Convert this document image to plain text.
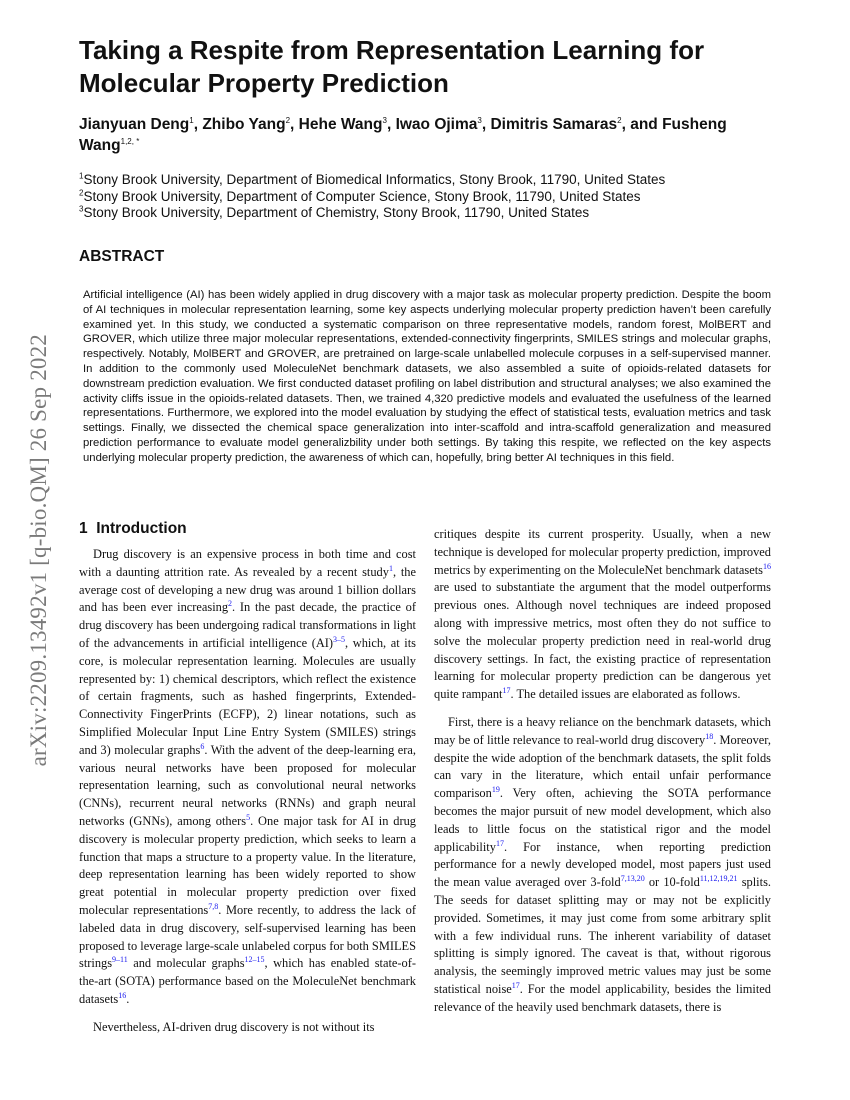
arXiv:2209.13492v1 [q-bio.QM] 26 Sep 2022
Taking a Respite from Representation Learning for Molecular Property Prediction
Jianyuan Deng$^1$, Zhibo Yang$^2$, Hehe Wang$^3$, Iwao Ojima$^3$, Dimitris Samaras$^2$, and Fusheng Wang$^{1,2, *}$
$^1$Stony Brook University, Department of Biomedical Informatics, Stony Brook, 11790, United States
$^2$Stony Brook University, Department of Computer Science, Stony Brook, 11790, United States
$^3$Stony Brook University, Department of Chemistry, Stony Brook, 11790, United States
ABSTRACT

Artificial intelligence (AI) has been widely applied in drug discovery with a major task as molecular property prediction. Despite the boom of AI techniques in molecular representation learning, some key aspects underlying molecular property prediction haven’t been carefully examined yet. In this study, we conducted a systematic comparison on three representative models, random forest, MolBERT and GROVER, which utilize three major molecular representations, extended-connectivity fingerprints, SMILES strings and molecular graphs, respectively. Notably, MolBERT and GROVER, are pretrained on large-scale unlabelled molecule corpuses in a self-supervised manner. In addition to the commonly used MoleculeNet benchmark datasets, we also assembled a suite of opioids-related datasets for downstream prediction evaluation. We first conducted dataset profiling on label distribution and structural analyses; we also examined the activity cliffs issue in the opioids-related datasets. Then, we trained 4,320 predictive models and evaluated the usefulness of the learned representations. Furthermore, we explored into the model evaluation by studying the effect of statistical tests, evaluation metrics and task settings. Finally, we dissected the chemical space generalization into inter-scaffold and intra-scaffold generalization and measured prediction performance to evaluate model generalizbility under both settings. By taking this respite, we reflected on the key aspects underlying molecular property prediction, the awareness of which can, hopefully, bring better AI techniques in this field.

1 Introduction

Drug discovery is an expensive process in both time and cost with a daunting attrition rate. As revealed by a recent study$^1$, the average cost of developing a new drug was around 1 billion dollars and has been ever increasing$^2$. In the past decade, the practice of drug discovery has been undergoing radical transformations in light of the advancements in artificial intelligence (AI)$^{3-5}$, which, at its core, is molecular representation learning. Molecules are usually represented by: 1) chemical descriptors, which reflect the existence of certain fragments, such as hashed fingerprints, Extended-Connectivity FingerPrints (ECFP), 2) linear notations, such as Simplified Molecular Input Line Entry System (SMILES) strings and 3) molecular graphs$^6$. With the advent of the deep-learning era, various neural networks have been proposed for molecular representation learning, such as convolutional neural networks (CNNs), recurrent neural networks (RNNs) and graph neural networks (GNNs), among others$^5$. One major task for AI in drug discovery is molecular property prediction, which seeks to learn a function that maps a structure to a property value. In the literature, deep representation learning has been widely reported to show great potential in molecular property prediction over fixed molecular representations$^{7,8}$. More recently, to address the lack of labeled data in drug discovery, self-supervised learning has been proposed to leverage large-scale unlabeled corpus for both SMILES strings$^{9-11}$ and molecular graphs$^{12-15}$, which has enabled state-of-the-art (SOTA) performance based on the MoleculeNet benchmark datasets$^{16}$.

Nevertheless, AI-driven drug discovery is not without its

critiques despite its current prosperity. Usually, when a new technique is developed for molecular property prediction, improved metrics by experimenting on the MoleculeNet benchmark datasets$^{16}$ are used to substantiate the argument that the model outperforms previous ones. Although novel techniques are indeed proposed along with impressive metrics, most often they do not suffice to solve the molecular property prediction need in real-world drug discovery settings. In fact, the existing practice of representation learning for molecular property prediction can be dangerous yet quite rampant$^{17}$. The detailed issues are elaborated as follows.

First, there is a heavy reliance on the benchmark datasets, which may be of little relevance to real-world drug discovery$^{18}$. Moreover, despite the wide adoption of the benchmark datasets, the split folds can vary in the literature, which entail unfair performance comparison$^{19}$. Very often, achieving the SOTA performance becomes the major pursuit of new model development, which also leads to little focus on the statistical rigor and the model applicability$^{17}$. For instance, when reporting prediction performance for a newly developed model, most papers just used the mean value averaged over 3-fold$^{7,13,20}$ or 10-fold$^{11,12,19,21}$ splits. The seeds for dataset splitting may or may not be explicitly provided. Sometimes, it may just come from some arbitrary split with a few individual runs. The inherent variability of dataset splitting is simply ignored. The caveat is that, without rigorous analysis, the seemingly improved metric values may just be some statistical noise$^{17}$. For the model applicability, besides the limited relevance of the heavily used benchmark datasets, there is
